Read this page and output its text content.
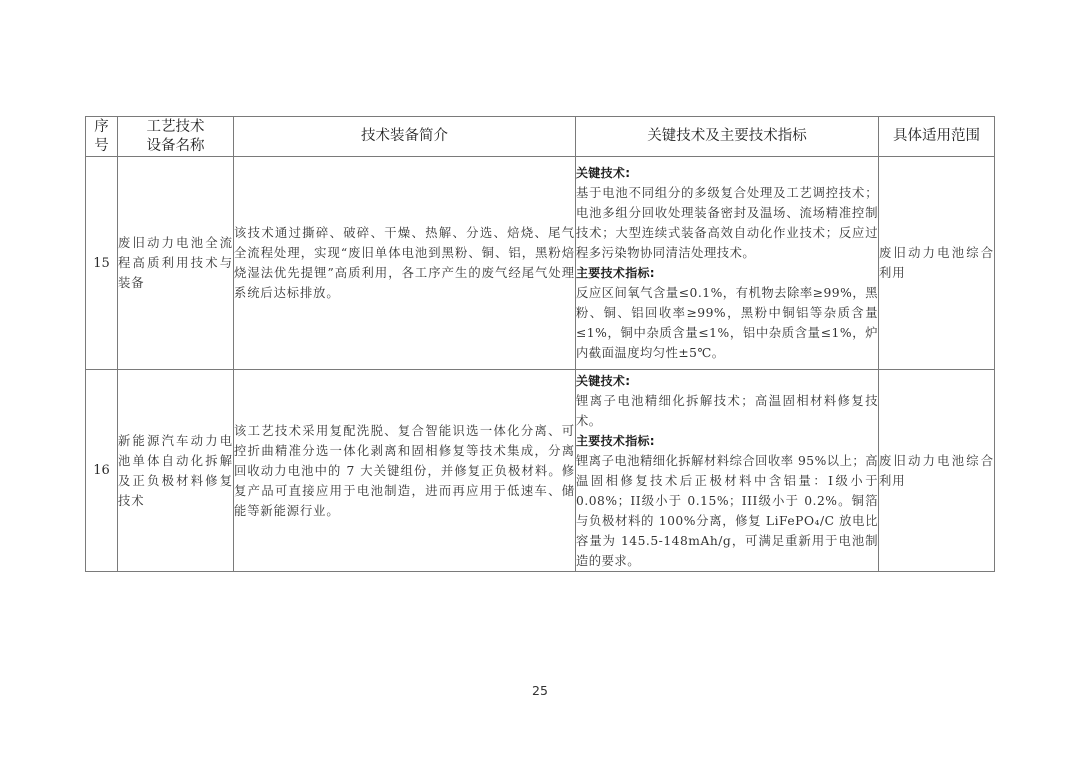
序号	工艺技术设备名称	技术装备简介	关键技术及主要技术指标	具体适用范围
15	废旧动力电池全流程高质利用技术与装备	该技术通过撕碎、破碎、干燥、热解、分选、焙烧、尾气全流程处理，实现“废旧单体电池到黑粉、铜、铝，黑粉焙烧湿法优先提锂”高质利用，各工序产生的废气经尾气处理系统后达标排放。	关键技术:
基于电池不同组分的多级复合处理及工艺调控技术；电池多组分回收处理装备密封及温场、流场精准控制技术；大型连续式装备高效自动化作业技术；反应过程多污染物协同清洁处理技术。
主要技术指标:
反应区间氧气含量≤0.1%，有机物去除率≥99%，黑粉、铜、铝回收率≥99%，黑粉中铜铝等杂质含量≤1%，铜中杂质含量≤1%，铝中杂质含量≤1%，炉内截面温度均匀性±5℃。	废旧动力电池综合利用
16	新能源汽车动力电池单体自动化拆解及正负极材料修复技术	该工艺技术采用复配洗脱、复合智能识选一体化分离、可控折曲精准分选一体化剥离和固相修复等技术集成，分离回收动力电池中的 7 大关键组份，并修复正负极材料。修复产品可直接应用于电池制造，进而再应用于低速车、储能等新能源行业。	关键技术:
锂离子电池精细化拆解技术；高温固相材料修复技术。
主要技术指标:
锂离子电池精细化拆解材料综合回收率 95%以上；高温固相修复技术后正极材料中含铝量：I级小于 0.08%；II级小于 0.15%；III级小于 0.2%。铜箔与负极材料的 100%分离，修复 LiFePO₄/C 放电比容量为 145.5-148mAh/g，可满足重新用于电池制造的要求。	废旧动力电池综合利用
25
